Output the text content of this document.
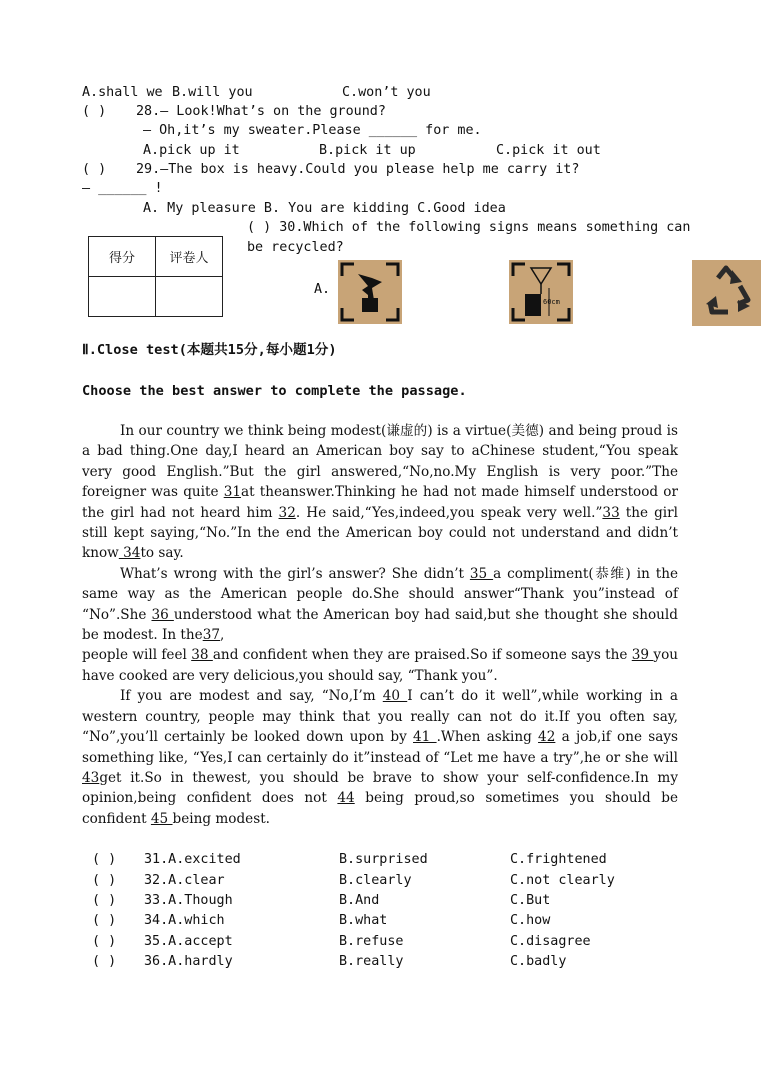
A.shall we B.will you	C.won’t you
( ) 28.— Look!What’s on the ground?
— Oh,it’s my sweater.Please ______ for me.
A.pick up it	B.pick it up	C.pick it out
( ) 29.—The box is heavy.Could you please help me carry it?
— ______ !
A. My pleasure B. You are kidding C.Good idea
( ) 30.Which of the following signs means something can
be recycled?
A.
得分	评卷人

60cm
Ⅱ.Close test(本题共15分,每小题1分)
Choose the best answer to complete the passage.

In our country we think being modest(谦虚的) is a virtue(美德) and being proud is a bad thing.One day,I heard an American boy say to aChinese student,“You speak very good English.”But the girl answered,“No,no.My English is very poor.”The foreigner was quite 31at theanswer.Thinking he had not made himself understood or the girl had not heard him 32. He said,“Yes,indeed,you speak very well.”33 the girl still kept saying,“No.”In the end the American boy could not understand and didn’t know 34to say.

What’s wrong with the girl’s answer? She didn’t 35 a compliment(恭维) in the same way as the American people do.She should answer“Thank you”instead of “No”.She 36 understood what the American boy had said,but she thought she should be modest. In the37,

people will feel 38 and confident when they are praised.So if someone says the 39 you have cooked are very delicious,you should say, “Thank you”.

If you are modest and say, “No,I’m 40 I can’t do it well”,while working in a western country, people may think that you really can not do it.If you often say, “No”,you’ll certainly be looked down upon by 41 .When asking 42 a job,if one says something like, “Yes,I can certainly do it”instead of “Let me have a try”,he or she will 43get it.So in thewest, you should be brave to show your self-confidence.In my opinion,being confident does not 44 being proud,so sometimes you should be confident 45 being modest.

( ) 31.A.excited	B.surprised	C.frightened
( ) 32.A.clear	B.clearly	C.not clearly
( ) 33.A.Though	B.And	C.But
( ) 34.A.which	B.what	C.how
( ) 35.A.accept	B.refuse	C.disagree
( ) 36.A.hardly	B.really	C.badly
